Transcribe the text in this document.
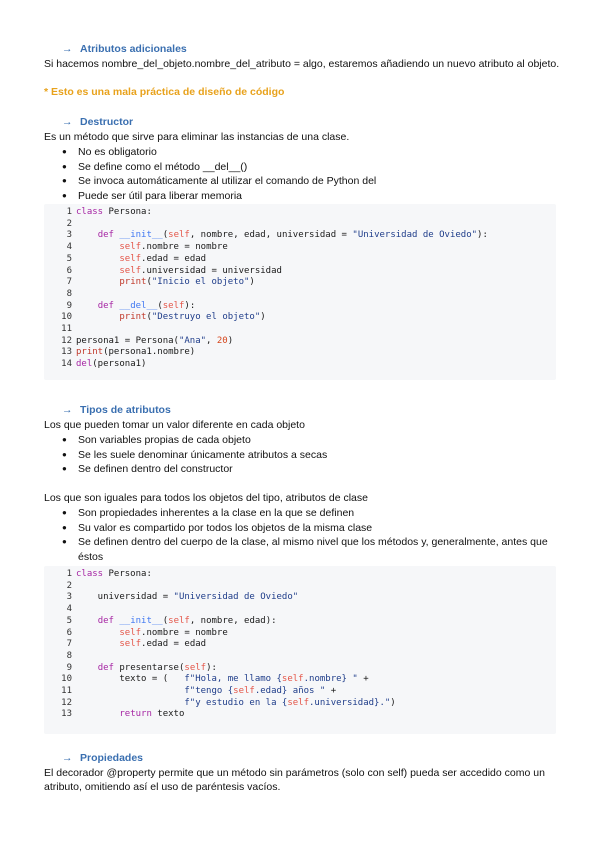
→ Atributos adicionales
Si hacemos nombre_del_objeto.nombre_del_atributo = algo, estaremos añadiendo un nuevo atributo al objeto.
* Esto es una mala práctica de diseño de código
→ Destructor
Es un método que sirve para eliminar las instancias de una clase.
● No es obligatorio
● Se define como el método __del__()
● Se invoca automáticamente al utilizar el comando de Python del
● Puede ser útil para liberar memoria
1 class Persona:
2
3	def __init__(self, nombre, edad, universidad = "Universidad de Oviedo"):
4	self.nombre = nombre
5	self.edad = edad
6	self.universidad = universidad
7	print("Inicio el objeto")
8
9	def __del__(self):
10	print("Destruyo el objeto")
11
12 persona1 = Persona("Ana", 20)
13 print(persona1.nombre)
14 del(persona1)
→ Tipos de atributos
Los que pueden tomar un valor diferente en cada objeto
● Son variables propias de cada objeto
● Se les suele denominar únicamente atributos a secas
● Se definen dentro del constructor
Los que son iguales para todos los objetos del tipo, atributos de clase
● Son propiedades inherentes a la clase en la que se definen
● Su valor es compartido por todos los objetos de la misma clase
● Se definen dentro del cuerpo de la clase, al mismo nivel que los métodos y, generalmente, antes que éstos
1 class Persona:
2
3    universidad = "Universidad de Oviedo"
4
5	def __init__(self, nombre, edad):
6	self.nombre = nombre
7	self.edad = edad
8
9	def presentarse(self):
10        texto = (   f"Hola, me llamo {self.nombre} " +
11	f"tengo {self.edad} años " +
12	f"y estudio en la {self.universidad}.")
13	return texto
→ Propiedades
El decorador @property permite que un método sin parámetros (solo con self) pueda ser accedido como un atributo, omitiendo así el uso de paréntesis vacíos.
